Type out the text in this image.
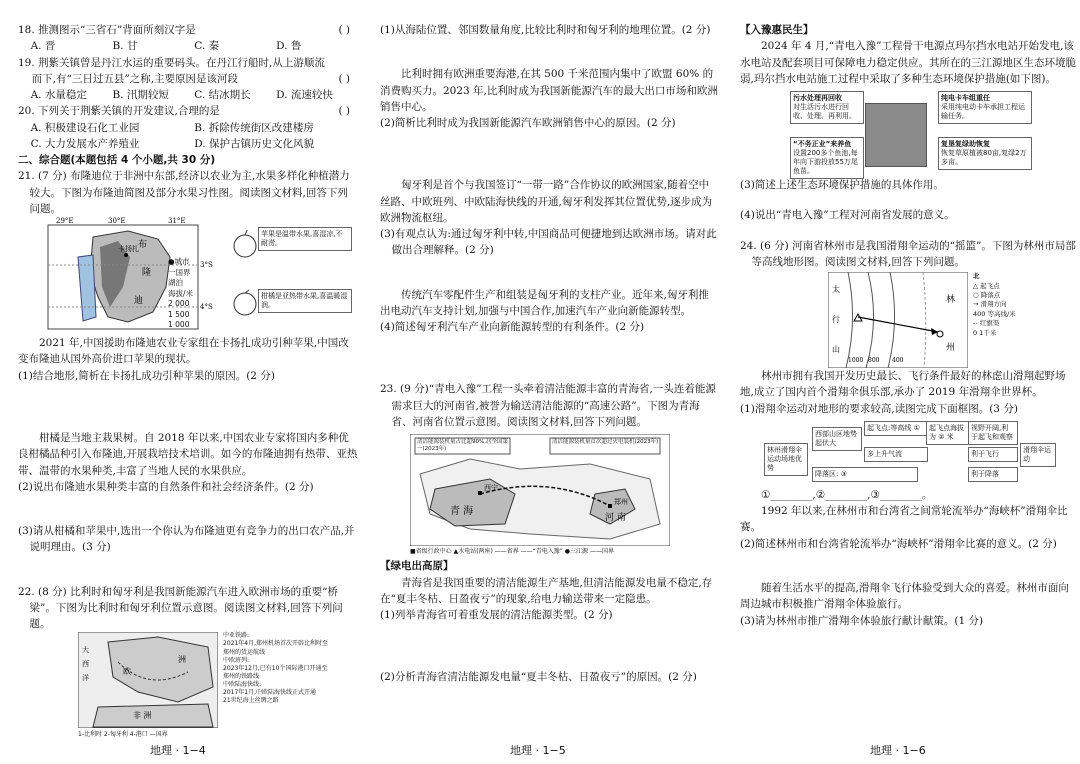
18. 推测图示“三省石”背面所刻汉字是	( )

A. 晋	B. 甘	C. 秦	D. 鲁

19. 荆紫关镇曾是丹江水运的重要码头。在丹江行船时,从上游顺流

而下,有“三日过五县”之称,主要原因是该河段	( )

A. 水量稳定	B. 汛期较短	C. 结冰期长	D. 流速较快

20. 下列关于荆紫关镇的开发建议,合理的是	( )

A. 积极建设石化工业园	B. 拆除传统街区改建楼房
C. 大力发展水产养殖业	D. 保护古镇历史文化风貌

二、综合题(本题包括 4 个小题,共 30 分)

21. (7 分) 布隆迪位于非洲中东部,经济以农业为主,水果多样化种植潜力较大。下图为布隆迪简图及部分水果习性图。阅读图文材料,回答下列问题。

29°E	30°E	31°E
3°S
4°S
卡扬扎 布
隆
迪
●城市
一国界
湖泊
海拔/米
2 000
1 500
1 000
苹果是温带水果,喜湿凉,不耐涝。
柑橘是亚热带水果,喜温暖湿润。

2021 年,中国援助布隆迪农业专家组在卡扬扎成功引种苹果,中国改变布隆迪从国外高价进口苹果的现状。

(1)结合地形,简析在卡扬扎成功引种苹果的原因。(2 分)

柑橘是当地主栽果树。自 2018 年以来,中国农业专家将国内多种优良柑橘品种引入布隆迪,开展栽培技术培训。如今的布隆迪拥有热带、亚热带、温带的水果种类,丰富了当地人民的水果供应。

(2)说出布隆迪水果种类丰富的自然条件和社会经济条件。(2 分)

(3)请从柑橘和苹果中,选出一个你认为布隆迪更有竞争力的出口农产品,并说明理由。(3 分)

22. (8 分) 比利时和匈牙利是我国新能源汽车进入欧洲市场的重要“桥梁”。下图为比利时和匈牙利位置示意图。阅读图文材料,回答下列问题。

大
西
洋
欧
洲
非 洲
中亚铁路:
2021年4月,郑州机场首次开辟比利时至郑州的货运航线
中欧班列:
2023年12月,已有10个国际港口开通至郑州的铁路线
中欧陆海快线:
2017年1月,中欧陆海快线正式开通
21世纪海上丝绸之路
1-比利时 2-匈牙利 4-港口 —国界

(1)从海陆位置、邻国数量角度,比较比利时和匈牙利的地理位置。(2 分)

比利时拥有欧洲重要海港,在其 500 千米范围内集中了欧盟 60% 的消费购买力。2023 年,比利时成为我国新能源汽车的最大出口市场和欧洲销售中心。

(2)简析比利时成为我国新能源汽车欧洲销售中心的原因。(2 分)

匈牙利是首个与我国签订“一带一路”合作协议的欧洲国家,随着空中丝路、中欧班列、中欧陆海快线的开通,匈牙利发挥其位置优势,逐步成为欧洲物流枢纽。

(3)有观点认为:通过匈牙利中转,中国商品可便捷地到达欧洲市场。请对此做出合理解释。(2 分)

传统汽车零配件生产和组装是匈牙利的支柱产业。近年来,匈牙利推出电动汽车支持计划,加强与中国合作,加速汽车产业向新能源转型。

(4)简述匈牙利汽车产业向新能源转型的有利条件。(2 分)

23. (9 分)“青电入豫”工程一头牵着清洁能源丰富的青海省,一头连着能源需求巨大的河南省,被誉为输送清洁能源的“高速公路”。下图为青海省、河南省位置示意图。阅读图文材料,回答下列问题。

青 海
河 南
西宁
郑州
清洁能源装机量占比超90%,居全国第一(2023年)
清洁能源装机量首次超过火电装机(2023年)
■省级行政中心 ▲水电站(两座) ——省界 ——“青电入豫” ●三江源 ——国界

【绿电出高原】

青海省是我国重要的清洁能源生产基地,但清洁能源发电量不稳定,存在“夏丰冬枯、日盈夜亏”的现象,给电力输送带来一定隐患。

(1)列举青海省可着重发展的清洁能源类型。(2 分)

(2)分析青海省清洁能源发电量“夏丰冬枯、日盈夜亏”的原因。(2 分)

【入豫惠民生】

2024 年 4 月,“青电入豫”工程骨干电源点玛尔挡水电站开始发电,该水电站及配套项目可保障电力稳定供应。其所在的三江源地区生态环境脆弱,玛尔挡水电站施工过程中采取了多种生态环境保护措施(如下图)。

污水处理再回收
对生活污水进行回收、处理、再利用。
纯电卡车组重任
采用纯电动卡车承担工程运输任务。
“不务正业”来养鱼
设置200多个鱼池,每年向下游投放55万尾鱼苗。
复垦复绿助恢复
恢复草原植被80亩,复绿2万多亩。

(3)简述上述生态环境保护措施的具体作用。

(4)说出“青电入豫”工程对河南省发展的意义。

24. (6 分) 河南省林州市是我国滑翔伞运动的“摇篮”。下图为林州市局部等高线地形图。阅读图文材料,回答下列问题。

太
行
山
林
州
400
800
1000
北
△ 起飞点
○ 降落点
→ 滑翔方向
400 等高线/米
-- 红旗渠
0 1千米

林州市拥有我国开发历史最长、飞行条件最好的林虑山滑翔起野场地,成立了国内首个滑翔伞俱乐部,承办了 2019 年滑翔伞世界杯。

(1)滑翔伞运动对地形的要求较高,读图完成下面框图。(3 分)

林州滑翔伞运动场地优势
西部山区地势起伏大
起飞点:等高线 ①	起飞点海拔为 ② 米
视野开阔,利于起飞和观察
多上升气流	利于飞行
降落区: ③	利于降落
滑翔伞运动

①________,②________,③________。

1992 年以来,在林州市和台湾省之间常轮流举办“海峡杯”滑翔伞比赛。

(2)简述林州市和台湾省轮流举办“海峡杯”滑翔伞比赛的意义。(2 分)

随着生活水平的提高,滑翔伞飞行体验受到大众的喜爱。林州市面向周边城市积极推广滑翔伞体验旅行。

(3)请为林州市推广滑翔伞体验旅行献计献策。(1 分)

地理 · 1−4	地理 · 1−5	地理 · 1−6
